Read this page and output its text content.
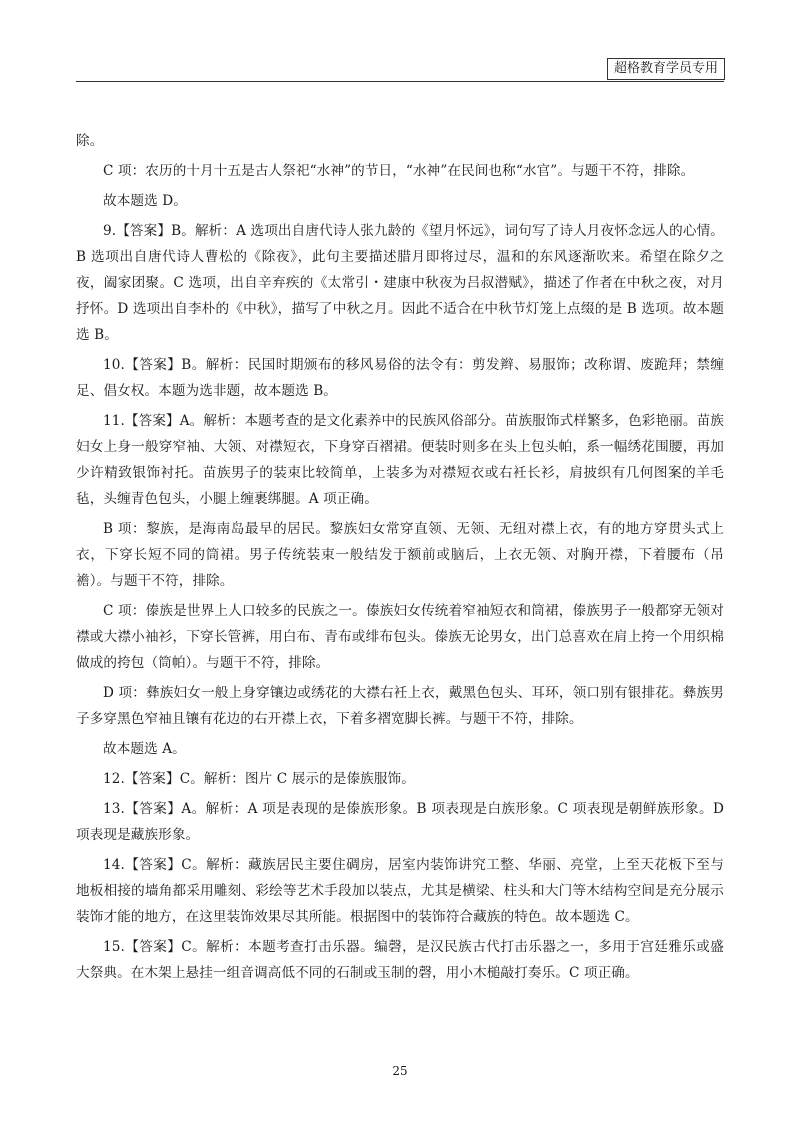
超格教育学员专用

除。

C 项：农历的十月十五是古人祭祀“水神”的节日，“水神”在民间也称“水官”。与题干不符，排除。

故本题选 D。

9.【答案】B。解析：A 选项出自唐代诗人张九龄的《望月怀远》，词句写了诗人月夜怀念远人的心情。B 选项出自唐代诗人曹松的《除夜》，此句主要描述腊月即将过尽，温和的东风逐渐吹来。希望在除夕之夜，阖家团聚。C 选项，出自辛弃疾的《太常引・建康中秋夜为吕叔潜赋》，描述了作者在中秋之夜，对月抒怀。D 选项出自李朴的《中秋》，描写了中秋之月。因此不适合在中秋节灯笼上点缀的是 B 选项。故本题选 B。

10.【答案】B。解析：民国时期颁布的移风易俗的法令有：剪发辫、易服饰；改称谓、废跪拜；禁缠足、倡女权。本题为选非题，故本题选 B。

11.【答案】A。解析：本题考查的是文化素养中的民族风俗部分。苗族服饰式样繁多，色彩艳丽。苗族妇女上身一般穿窄袖、大领、对襟短衣，下身穿百褶裙。便装时则多在头上包头帕，系一幅绣花围腰，再加少许精致银饰衬托。苗族男子的装束比较简单，上装多为对襟短衣或右衽长衫，肩披织有几何图案的羊毛毡，头缠青色包头，小腿上缠裹绑腿。A 项正确。

B 项：黎族，是海南岛最早的居民。黎族妇女常穿直领、无领、无纽对襟上衣，有的地方穿贯头式上衣，下穿长短不同的筒裙。男子传统装束一般结发于额前或脑后，上衣无领、对胸开襟，下着腰布（吊襜）。与题干不符，排除。

C 项：傣族是世界上人口较多的民族之一。傣族妇女传统着窄袖短衣和筒裙，傣族男子一般都穿无领对襟或大襟小袖衫，下穿长管裤，用白布、青布或绯布包头。傣族无论男女，出门总喜欢在肩上挎一个用织棉做成的挎包（筒帕）。与题干不符，排除。

D 项：彝族妇女一般上身穿镶边或绣花的大襟右衽上衣，戴黑色包头、耳环，领口别有银排花。彝族男子多穿黑色窄袖且镶有花边的右开襟上衣，下着多褶宽脚长裤。与题干不符，排除。

故本题选 A。

12.【答案】C。解析：图片 C 展示的是傣族服饰。

13.【答案】A。解析：A 项是表现的是傣族形象。B 项表现是白族形象。C 项表现是朝鲜族形象。D 项表现是藏族形象。

14.【答案】C。解析：藏族居民主要住碉房，居室内装饰讲究工整、华丽、亮堂，上至天花板下至与地板相接的墙角都采用雕刻、彩绘等艺术手段加以装点，尤其是横梁、柱头和大门等木结构空间是充分展示装饰才能的地方，在这里装饰效果尽其所能。根据图中的装饰符合藏族的特色。故本题选 C。

15.【答案】C。解析：本题考查打击乐器。编磬，是汉民族古代打击乐器之一，多用于宫廷雅乐或盛大祭典。在木架上悬挂一组音调高低不同的石制或玉制的磬，用小木槌敲打奏乐。C 项正确。

25
